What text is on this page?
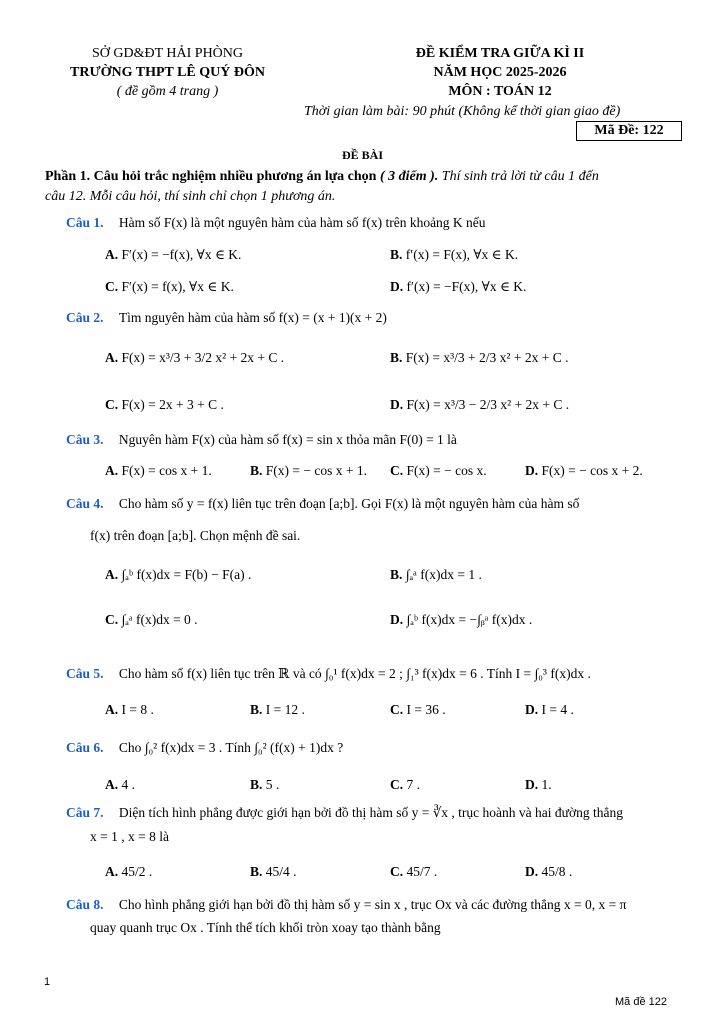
SỞ GD&ĐT HẢI PHÒNG
TRƯỜNG THPT LÊ QUÝ ĐÔN
( đề gồm 4 trang )
ĐỀ KIỂM TRA GIỮA KÌ II
NĂM HỌC 2025-2026
MÔN : TOÁN 12
Thời gian làm bài: 90 phút (Không kể thời gian giao đề)
Mã Đề: 122
ĐỀ BÀI
Phần 1. Câu hỏi trắc nghiệm nhiều phương án lựa chọn ( 3 điểm ). Thí sinh trả lời từ câu 1 đến
câu 12. Mỗi câu hỏi, thí sinh chỉ chọn 1 phương án.
Câu 1. Hàm số F(x) là một nguyên hàm của hàm số f(x) trên khoảng K nếu
A. F′(x) = −f(x), ∀x ∈ K.	B. f′(x) = F(x), ∀x ∈ K.
C. F′(x) = f(x), ∀x ∈ K.	D. f′(x) = −F(x), ∀x ∈ K.
Câu 2. Tìm nguyên hàm của hàm số f(x) = (x + 1)(x + 2)
A. F(x) = x³/3 + 3/2 x² + 2x + C .	B. F(x) = x³/3 + 2/3 x² + 2x + C .
C. F(x) = 2x + 3 + C .	D. F(x) = x³/3 − 2/3 x² + 2x + C .
Câu 3. Nguyên hàm F(x) của hàm số f(x) = sin x thỏa mãn F(0) = 1 là
A. F(x) = cos x + 1.	B. F(x) = − cos x + 1. C. F(x) = − cos x.	D. F(x) = − cos x + 2.
Câu 4. Cho hàm số y = f(x) liên tục trên đoạn [a;b]. Gọi F(x) là một nguyên hàm của hàm số
f(x) trên đoạn [a;b]. Chọn mệnh đề sai.
A. ∫ₐᵇ f(x)dx = F(b) − F(a) .	B. ∫ₐᵃ f(x)dx = 1 .
C. ∫ₐᵃ f(x)dx = 0 .	D. ∫ₐᵇ f(x)dx = −∫ᵦᵃ f(x)dx .
Câu 5. Cho hàm số f(x) liên tục trên ℝ và có ∫₀¹ f(x)dx = 2 ; ∫₁³ f(x)dx = 6 . Tính I = ∫₀³ f(x)dx .
A. I = 8 .	B. I = 12 .	C. I = 36 .	D. I = 4 .
Câu 6. Cho ∫₀² f(x)dx = 3 . Tính ∫₀² (f(x) + 1)dx ?
A. 4 .	B. 5 .	C. 7 .	D. 1.
Câu 7. Diện tích hình phẳng được giới hạn bởi đồ thị hàm số y = ∛x , trục hoành và hai đường thẳng
x = 1 , x = 8 là
A. 45/2 .	B. 45/4 .	C. 45/7 .	D. 45/8 .
Câu 8. Cho hình phẳng giới hạn bởi đồ thị hàm số y = sin x , trục Ox và các đường thẳng x = 0, x = π
quay quanh trục Ox . Tính thể tích khối tròn xoay tạo thành bằng
1
Mã đề 122
